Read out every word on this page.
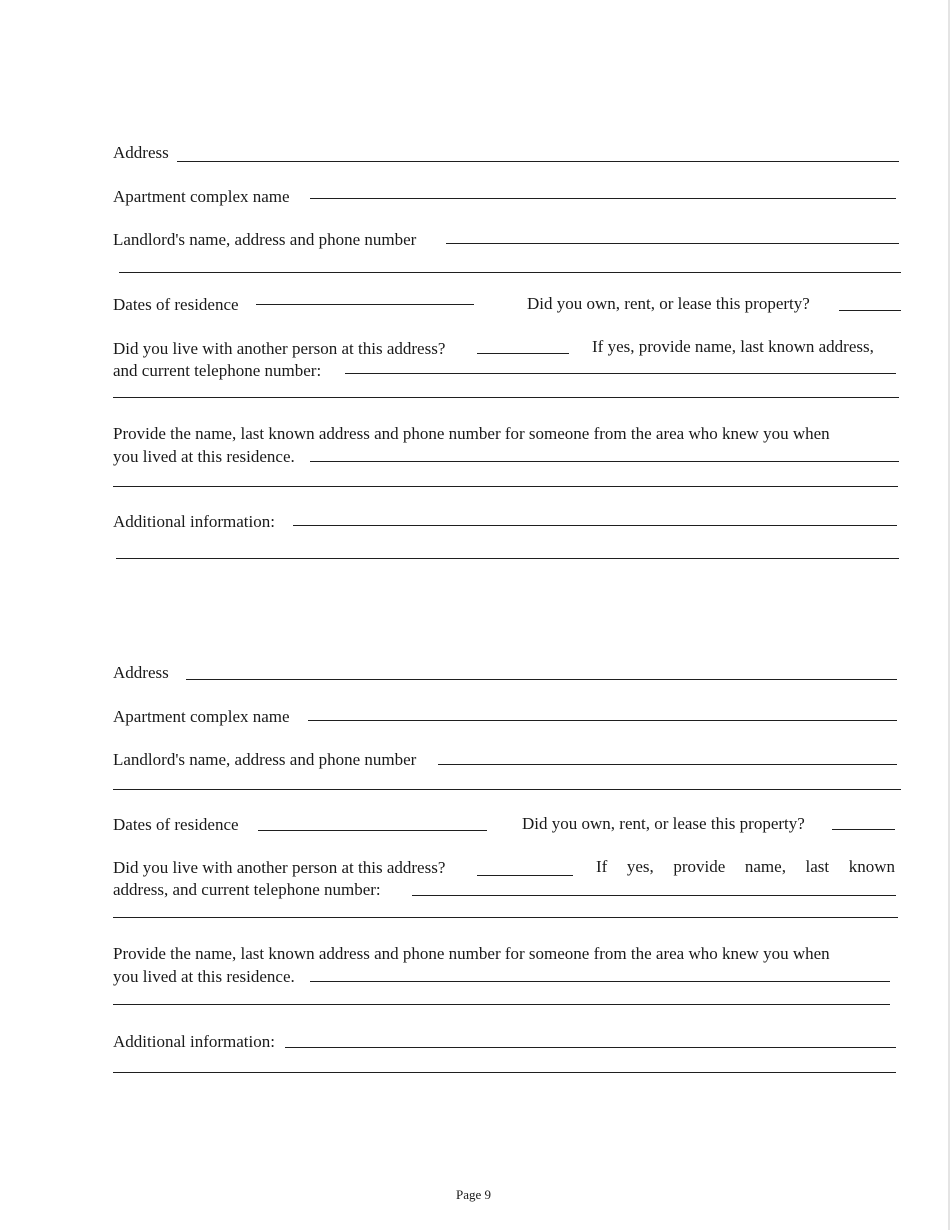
Address
Apartment complex name
Landlord's name, address and phone number
Dates of residence	Did you own, rent, or lease this property?
Did you live with another person at this address?	If yes, provide name, last known address,
and current telephone number:
Provide the name, last known address and phone number for someone from the area who knew you when
you lived at this residence.
Additional information:
Address
Apartment complex name
Landlord's name, address and phone number
Dates of residence	Did you own, rent, or lease this property?
Did you live with another person at this address?	If yes, provide name, last known
address, and current telephone number:
Provide the name, last known address and phone number for someone from the area who knew you when
you lived at this residence.
Additional information:
Page 9
